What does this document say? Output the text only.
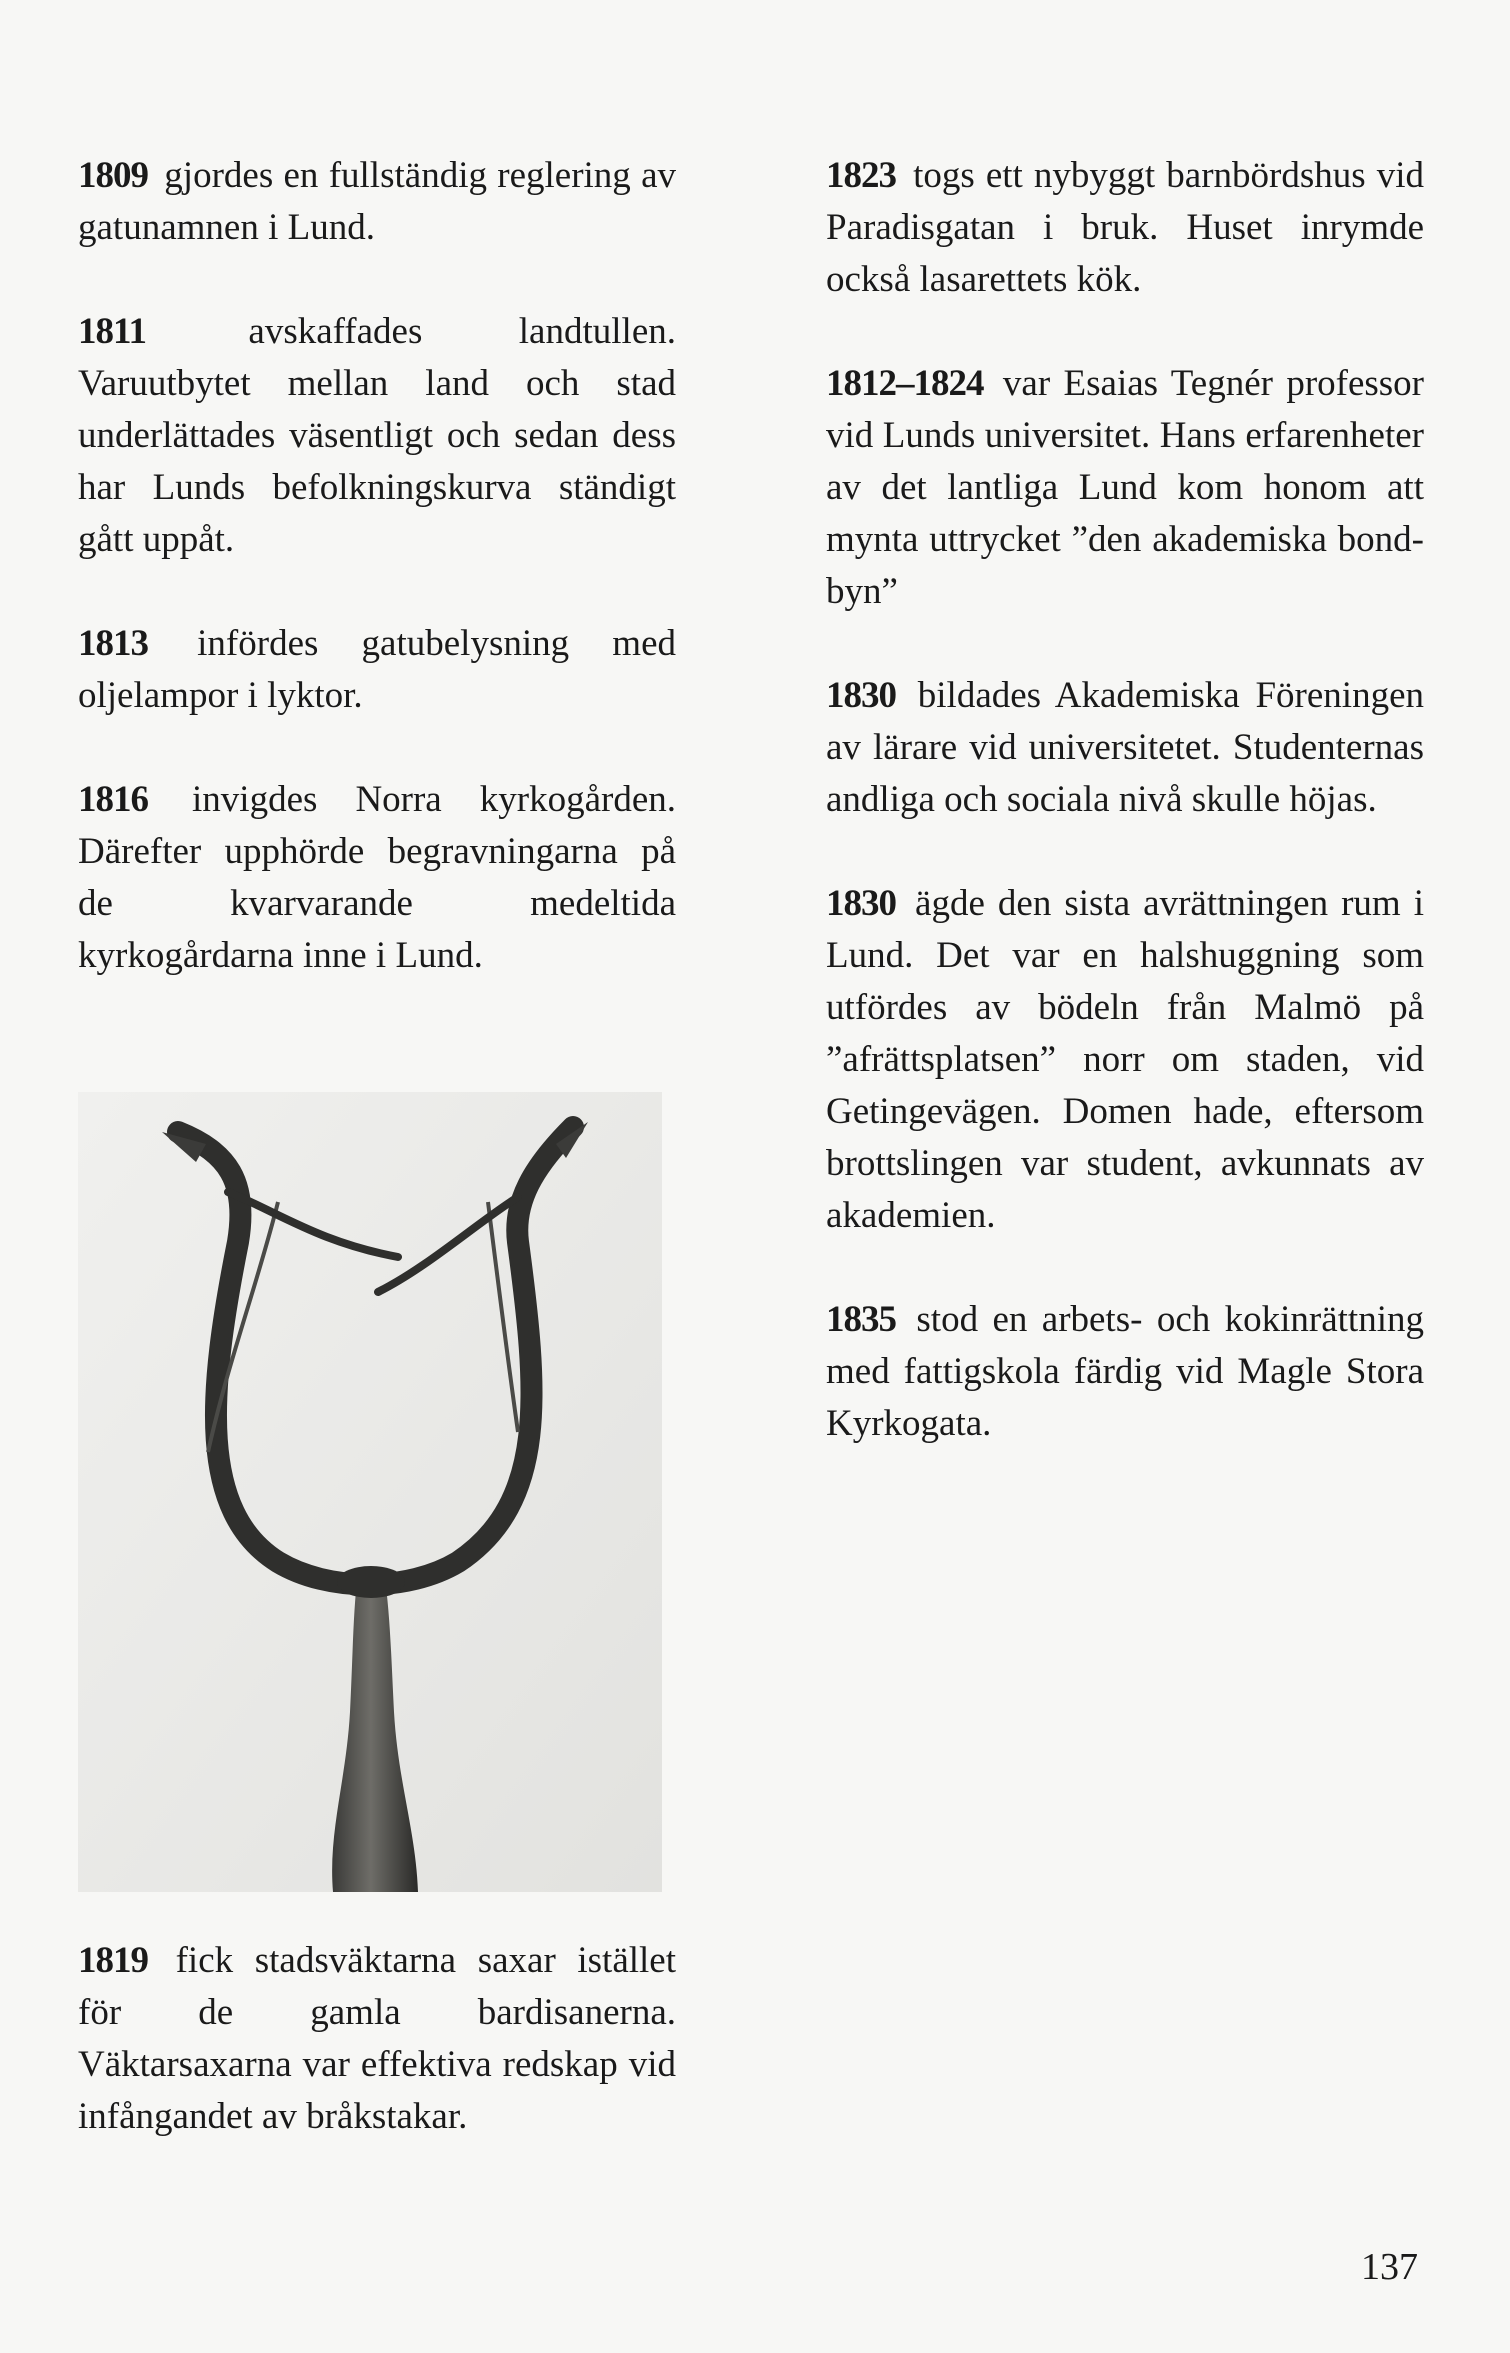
1809 gjordes en fullständig reglering av gatunamnen i Lund.

1811	avskaffades landtullen. Varuutbytet mellan land och stad underlättades väsentligt och sedan dess har Lunds befolkningskurva ständigt gått uppåt.

1813 infördes gatubelysning med oljelampor i lyktor.

1816 invigdes Norra kyrkogården. Därefter upphörde begravningarna på de kvarvarande medeltida kyrkogårdarna inne i Lund.

1819 fick stadsväktarna saxar istället för de gamla bardisanerna. Väktarsaxarna var effektiva redskap vid infångandet av bråkstakar.

1823 togs ett nybyggt barnbördshus vid Paradisgatan i bruk. Huset inrymde också lasarettets kök.

1812–1824 var Esaias Tegnér professor vid Lunds universitet. Hans erfarenheter av det lantliga Lund kom honom att mynta uttrycket ”den akademiska bondbyn”

1830 bildades Akademiska Föreningen av lärare vid universitetet. Studenternas andliga och sociala nivå skulle höjas.

1830 ägde den sista avrättningen rum i Lund. Det var en halshuggning som utfördes av bödeln från Malmö på ”afrättsplatsen” norr om staden, vid Getingevägen. Domen hade, eftersom brottslingen var student, avkunnats av akademien.

1835 stod en arbets- och kokinrättning med fattigskola färdig vid Magle Stora Kyrkogata.

137
